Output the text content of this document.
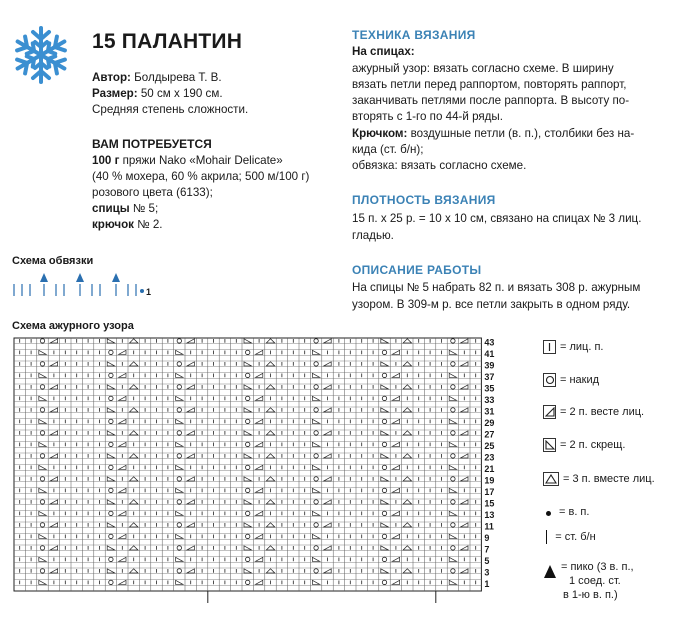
15 ПАЛАНТИН
Автор: Болдырева Т. В.
Размер: 50 см х 190 см.
Средняя степень сложности.
ВАМ ПОТРЕБУЕТСЯ
100 г пряжи Nako «Mohair Delicate»
(40 % мохера, 60 % акрила; 500 м/100 г)
розового цвета (6133);
спицы № 5;
крючок № 2.
ТЕХНИКА ВЯЗАНИЯ
На спицах:
ажурный узор: вязать согласно схеме. В ширину
вязать петли перед раппортом, повторять раппорт,
заканчивать петлями после раппорта. В высоту по-
вторять с 1-го по 44-й ряды.
Крючком: воздушные петли (в. п.), столбики без на-
кида (ст. б/н);
обвязка: вязать согласно схеме.
ПЛОТНОСТЬ ВЯЗАНИЯ
15 п. х 25 р. = 10 х 10 см, связано на спицах № 3 лиц.
гладью.
ОПИСАНИЕ РАБОТЫ
На спицы № 5 набрать 82 п. и вязать 308 р. ажурным
узором. В 309-м р. все петли закрыть в одном ряду.
Схема обвязки
1
Схема ажурного узора
43
41
39
37
35
33
31
29
27
25
23
21
19
17
15
13
11
9
7
5
3
1
= лиц. п.
= накид
= 2 п. весте лиц.
= 2 п. скрещ.
= 3 п. вместе лиц.
= в. п.
= ст. б/н
= пико (3 в. п.,
1 соед. ст.
в 1-ю в. п.)
